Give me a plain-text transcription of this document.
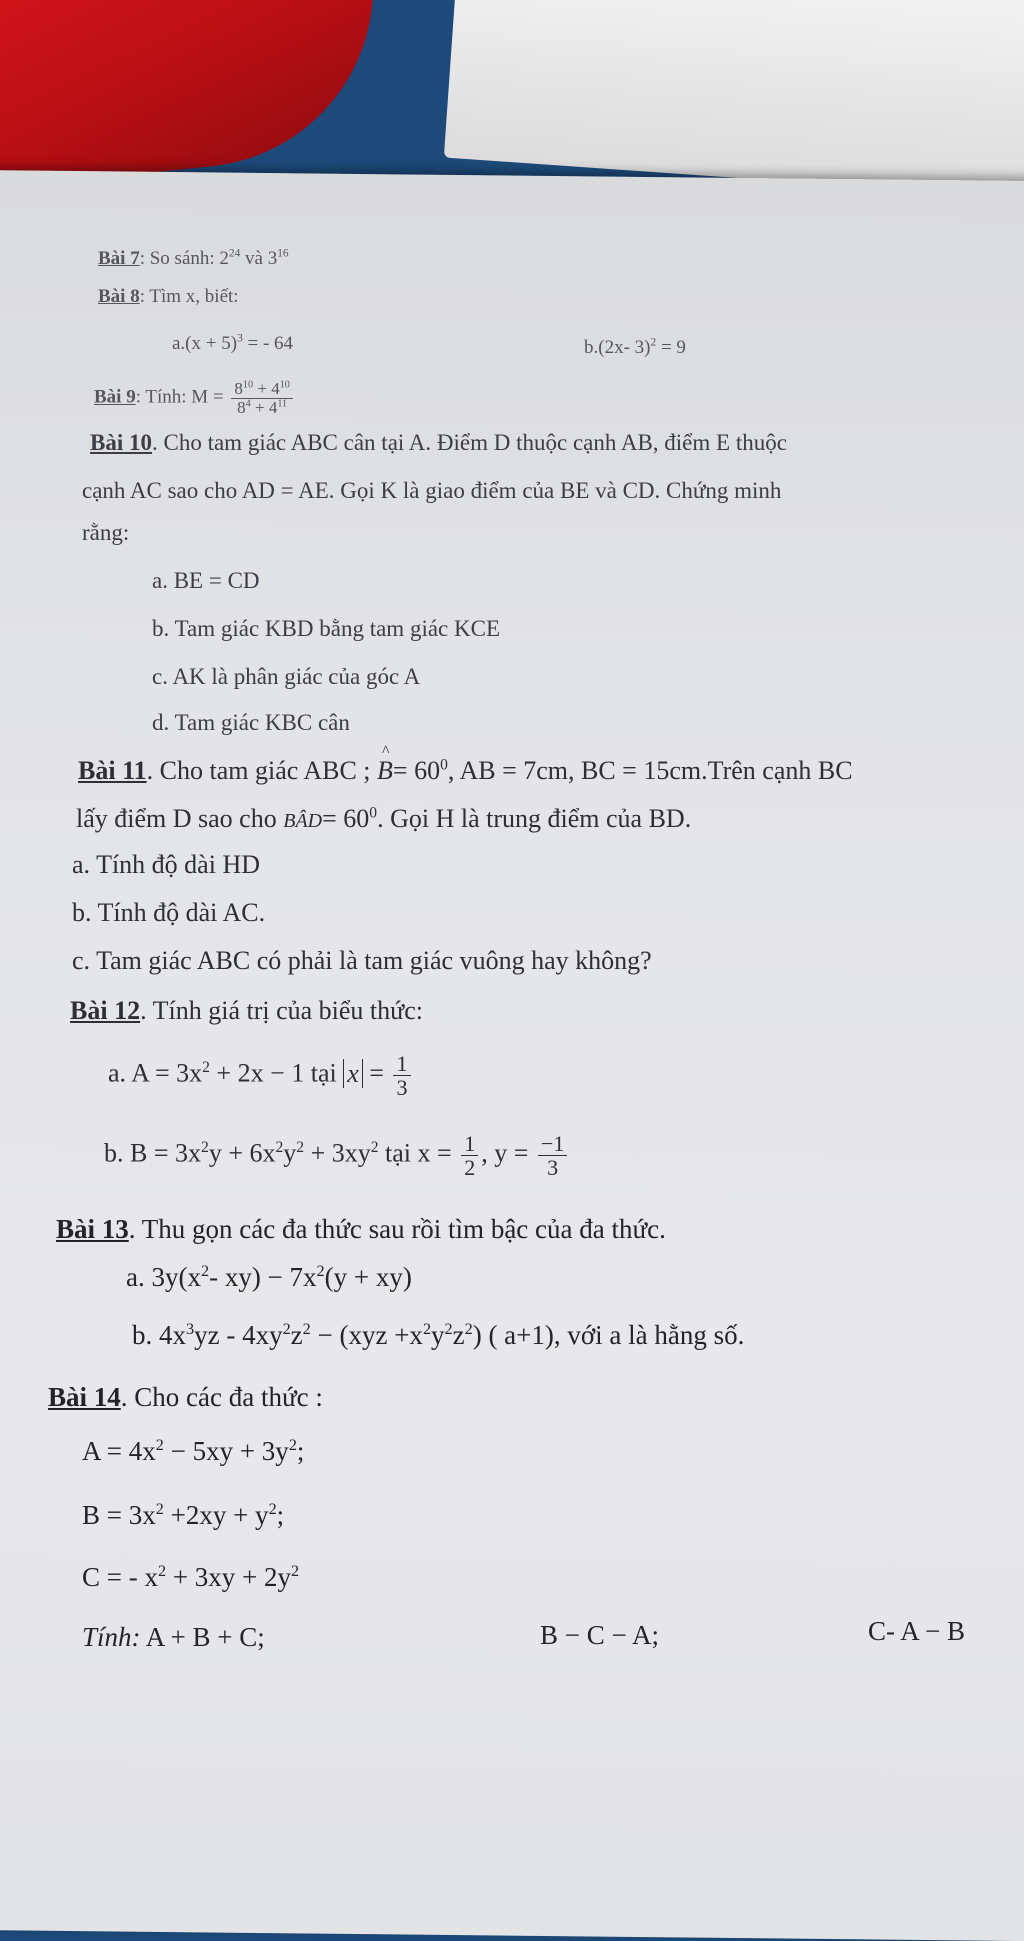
Bài 7: So sánh: $2^{24}$ và $3^{16}$
Bài 8: Tìm x, biết:
$a.(x + 5)^3$ = - 64	b.(2x- 3)$^2$ = 9
Bài 9: Tính: $M = \frac{8^{10} + 4^{10}}{8^4 + 4^{11}}$
Bài 10. Cho tam giác ABC cân tại A. Điểm D thuộc cạnh AB, điểm E thuộc
cạnh AC sao cho AD = AE. Gọi K là giao điểm của BE và CD. Chứng minh
rằng:
a. BE = CD
b. Tam giác KBD bằng tam giác KCE
c. AK là phân giác của góc A
d. Tam giác KBC cân
Bài 11. Cho tam giác ABC ; ^ $B= 60^0$, AB = 7cm, BC = 15cm.Trên cạnh BC
lấy điểm D sao cho BÂD= $60^0$. Gọi H là trung điểm của BD.
a. Tính độ dài HD
b. Tính độ dài AC.
c. Tam giác ABC có phải là tam giác vuông hay không?
Bài 12. Tính giá trị của biểu thức:
a. $A = 3x^2 + 2x - 1$ tại $x = \frac{1}{3}$
b. $B = 3x^2y + 6x^2y^2 + 3xy^2$ tại $x = \frac{1}{2}$ , $y = \frac{-1}{3}$
Bài 13. Thu gọn các đa thức sau rồi tìm bậc của đa thức.
a. $3y(x^2-$ $xy) - 7x^2(y + xy)$
b. $4x^3yz - 4xy^2z^2 - (xyz +x^2y^2z^2)$ ( a+1), với a là hằng số.
Bài 14. Cho các đa thức :
$A = 4x^2 - 5xy + 3y^2$;
$B = 3x^2 +2xy + y^2$;
C = - $x^2 + 3xy + 2y^2$
Tính: A + B + C;	B − C − A;	C- A − B
